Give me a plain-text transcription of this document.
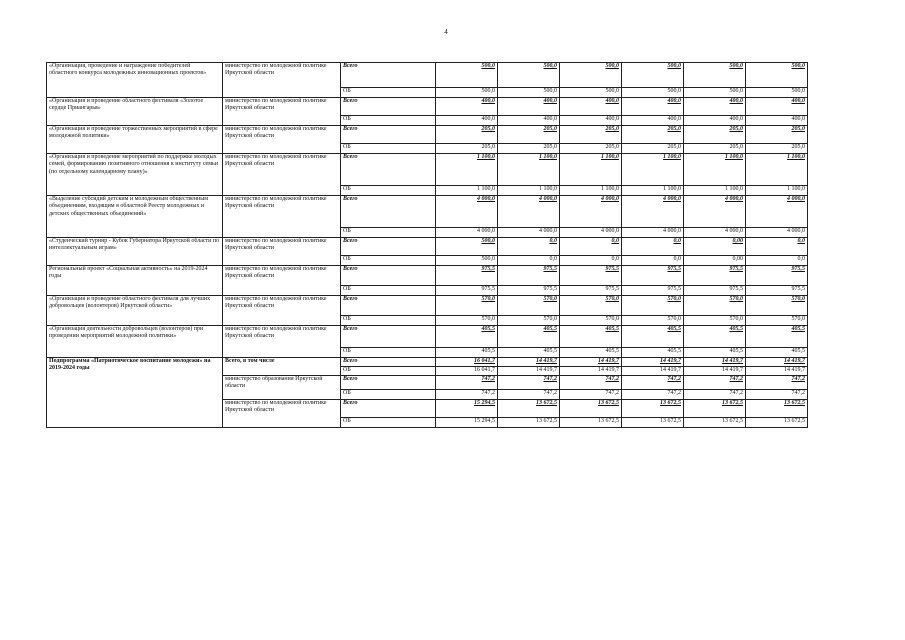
4
«Организация, проведение и награждение победителей областного конкурса молодежных инновационных проектов»	министерство по молодежной политике Иркутской области	Всего	500,0	500,0	500,0	500,0	500,0	500,0
		ОБ	500,0	500,0	500,0	500,0	500,0	500,0
«Организация и проведение областного фестиваля «Золотое сердце Приангарья»	министерство по молодежной политике Иркутской области	Всего	400,0	400,0	400,0	400,0	400,0	400,0
		ОБ	400,0	400,0	400,0	400,0	400,0	400,0
«Организация и проведение торжественных мероприятий в сфере молодежной политики»	министерство по молодежной политике Иркутской области	Всего	205,0	205,0	205,0	205,0	205,0	205,0
		ОБ	205,0	205,0	205,0	205,0	205,0	205,0
«Организация и проведение мероприятий по поддержке молодых семей, формированию позитивного отношения к институту семьи (по отдельному календарному плану)»	министерство по молодежной политике Иркутской области	Всего	1 100,0	1 100,0	1 100,0	1 100,0	1 100,0	1 100,0
		ОБ	1 100,0	1 100,0	1 100,0	1 100,0	1 100,0	1 100,0
«Выделение субсидий детским и молодежным общественным объединениям, входящим в областной Реестр молодежных и детских общественных объединений»	министерство по молодежной политике Иркутской области	Всего	4 000,0	4 000,0	4 000,0	4 000,0	4 000,0	4 000,0
		ОБ	4 000,0	4 000,0	4 000,0	4 000,0	4 000,0	4 000,0
«Студенческий турнир - Кубок Губернатора Иркутской области по интеллектуальным играм»	министерство по молодежной политике Иркутской области	Всего	500,0	0,0	0,0	0,0	0,00	0,0
		ОБ	500,0	0,0	0,0	0,0	0,00	0,0
Региональный проект «Социальная активность» на 2019-2024 годы	министерство по молодежной политике Иркутской области	Всего	975,5	975,5	975,5	975,5	975,5	975,5
		ОБ	975,5	975,5	975,5	975,5	975,5	975,5
«Организация и проведение областного фестиваля для лучших добровольцев (волонтеров) Иркутской области»	министерство по молодежной политике Иркутской области	Всего	570,0	570,0	570,0	570,0	570,0	570,0
		ОБ	570,0	570,0	570,0	570,0	570,0	570,0
«Организация деятельности добровольцев (волонтеров) при проведении мероприятий молодежной политики»	министерство по молодежной политике Иркутской области	Всего	405,5	405,5	405,5	405,5	405,5	405,5
		ОБ	405,5	405,5	405,5	405,5	405,5	405,5
Подпрограмма «Патриотическое воспитание молодежи» на 2019-2024 годы	Всего, в том числе	Всего	16 041,7	14 419,7	14 419,7	14 419,7	14 419,7	14 419,7
		ОБ	16 041,7	14 419,7	14 419,7	14 419,7	14 419,7	14 419,7
	министерство образования Иркутской области	Всего	747,2	747,2	747,2	747,2	747,2	747,2
		ОБ	747,2	747,2	747,2	747,2	747,2	747,2
	министерство по молодежной политике Иркутской области	Всего	15 294,5	13 672,5	13 672,5	13 672,5	13 672,5	13 672,5
		ОБ	15 294,5	13 672,5	13 672,5	13 672,5	13 672,5	13 672,5
